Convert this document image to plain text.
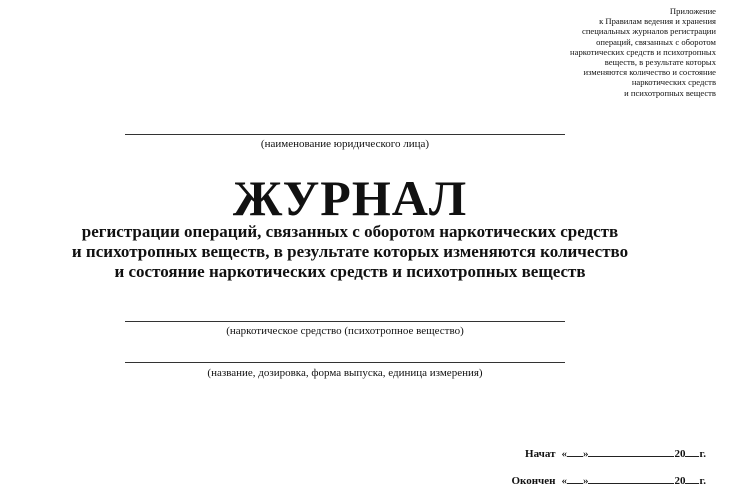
Приложение
к Правилам ведения и хранения
специальных журналов регистрации
операций, связанных с оборотом
наркотических средств и психотропных
веществ, в результате которых
изменяются количество и состояние
наркотических средств
и психотропных веществ
(наименование юридического лица)
ЖУРНАЛ
регистрации операций, связанных с оборотом наркотических средств
и психотропных веществ, в результате которых изменяются количество
и состояние наркотических средств и психотропных веществ
(наркотическое средство (психотропное вещество)
(название, дозировка, форма выпуска, единица измерения)
Начат « »	20 г.
Окончен « »	20 г.
